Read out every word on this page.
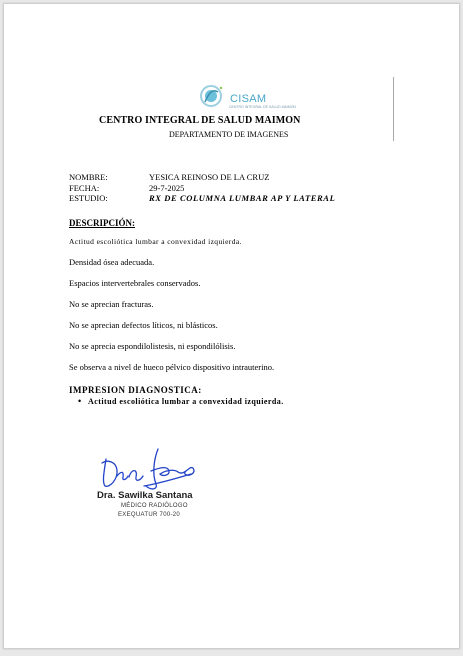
CISAM
CENTRO INTEGRAL DE SALUD MAIMON
CENTRO INTEGRAL DE SALUD MAIMON
DEPARTAMENTO DE IMAGENES
NOMBRE:	YESICA REINOSO DE LA CRUZ
FECHA:	29-7-2025
ESTUDIO:	RX DE COLUMNA LUMBAR AP Y LATERAL
DESCRIPCIÓN:
Actitud escoliótica lumbar a convexidad izquierda.
Densidad ósea adecuada.
Espacios intervertebrales conservados.
No se aprecian fracturas.
No se aprecian defectos líticos, ni blásticos.
No se aprecia espondilolistesis, ni espondilólisis.
Se observa a nivel de hueco pélvico dispositivo intrauterino.
IMPRESION DIAGNOSTICA:
• Actitud escoliótica lumbar a convexidad izquierda.
Dra. Sawilka Santana
MÉDICO RADIÓLOGO
EXEQUATUR 700-20
